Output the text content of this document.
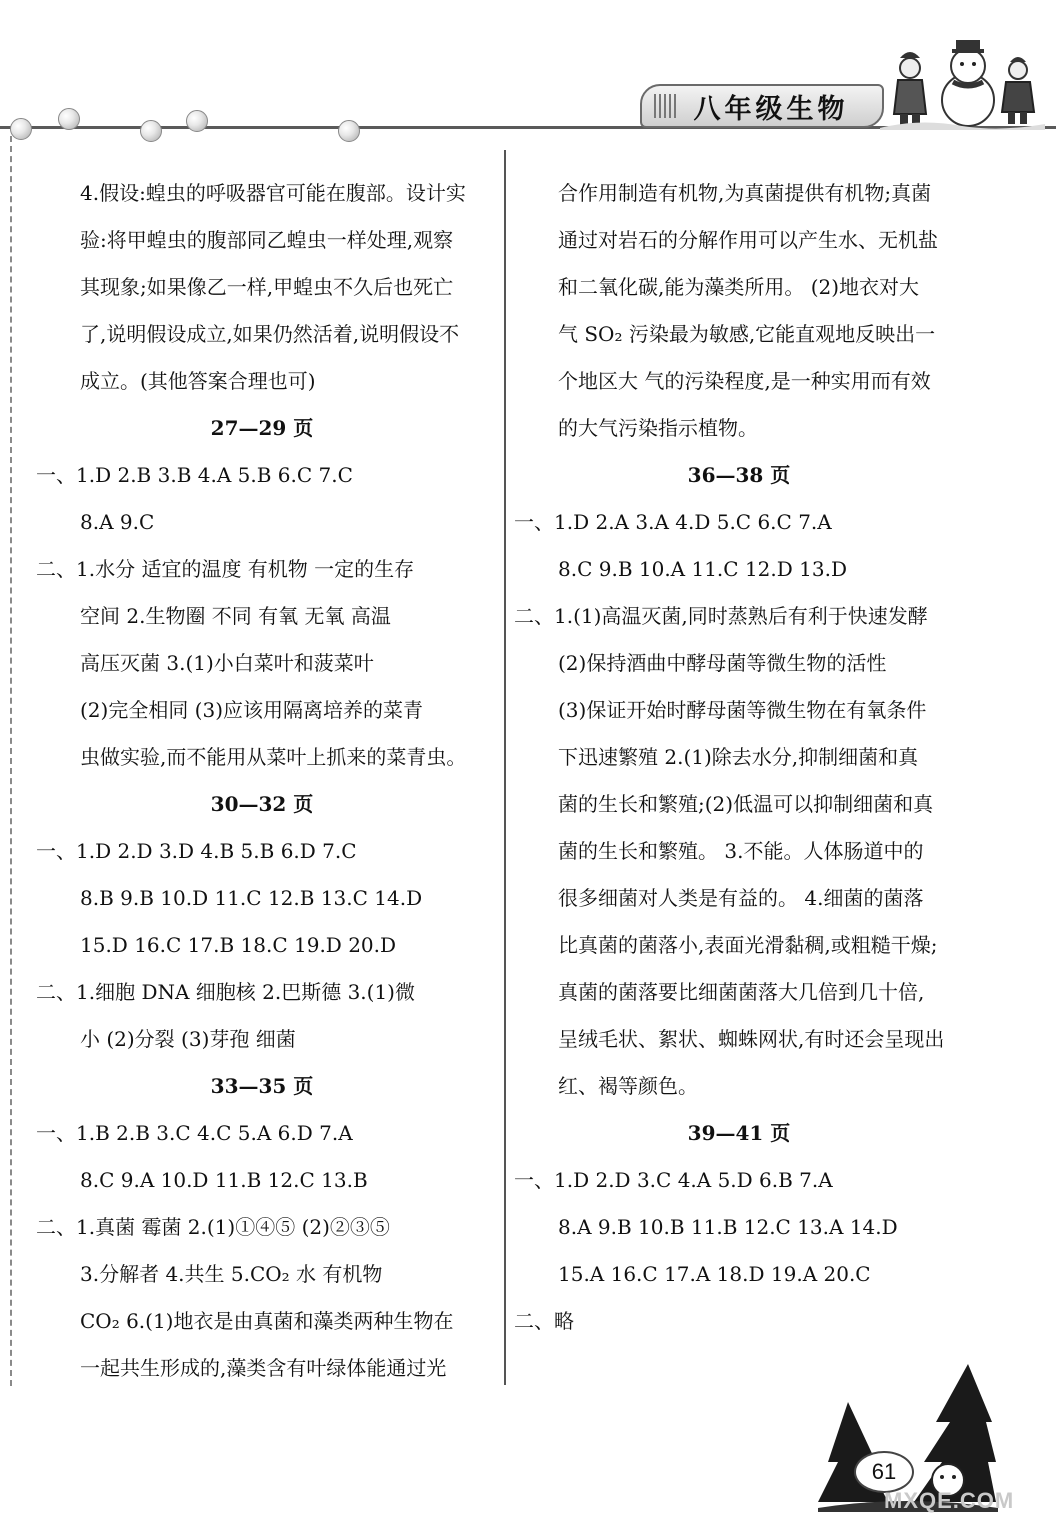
八年级生物
4.假设:蝗虫的呼吸器官可能在腹部。设计实
验:将甲蝗虫的腹部同乙蝗虫一样处理,观察
其现象;如果像乙一样,甲蝗虫不久后也死亡
了,说明假设成立,如果仍然活着,说明假设不
成立。(其他答案合理也可)
27—29 页
一、1.D 2.B 3.B 4.A 5.B 6.C 7.C
8.A 9.C
二、1.水分 适宜的温度 有机物 一定的生存
空间 2.生物圈 不同 有氧 无氧 高温
高压灭菌 3.(1)小白菜叶和菠菜叶
(2)完全相同 (3)应该用隔离培养的菜青
虫做实验,而不能用从菜叶上抓来的菜青虫。
30—32 页
一、1.D 2.D 3.D 4.B 5.B 6.D 7.C
8.B 9.B 10.D 11.C 12.B 13.C 14.D
15.D 16.C 17.B 18.C 19.D 20.D
二、1.细胞 DNA 细胞核 2.巴斯德 3.(1)微
小 (2)分裂 (3)芽孢 细菌
33—35 页
一、1.B 2.B 3.C 4.C 5.A 6.D 7.A
8.C 9.A 10.D 11.B 12.C 13.B
二、1.真菌 霉菌 2.(1)①④⑤ (2)②③⑤
3.分解者 4.共生 5.CO₂ 水 有机物
CO₂ 6.(1)地衣是由真菌和藻类两种生物在
一起共生形成的,藻类含有叶绿体能通过光
合作用制造有机物,为真菌提供有机物;真菌
通过对岩石的分解作用可以产生水、无机盐
和二氧化碳,能为藻类所用。 (2)地衣对大
气 SO₂ 污染最为敏感,它能直观地反映出一
个地区大 气的污染程度,是一种实用而有效
的大气污染指示植物。
36—38 页
一、1.D 2.A 3.A 4.D 5.C 6.C 7.A
8.C 9.B 10.A 11.C 12.D 13.D
二、1.(1)高温灭菌,同时蒸熟后有利于快速发酵
(2)保持酒曲中酵母菌等微生物的活性
(3)保证开始时酵母菌等微生物在有氧条件
下迅速繁殖 2.(1)除去水分,抑制细菌和真
菌的生长和繁殖;(2)低温可以抑制细菌和真
菌的生长和繁殖。 3.不能。人体肠道中的
很多细菌对人类是有益的。 4.细菌的菌落
比真菌的菌落小,表面光滑黏稠,或粗糙干燥;
真菌的菌落要比细菌菌落大几倍到几十倍,
呈绒毛状、絮状、蜘蛛网状,有时还会呈现出
红、褐等颜色。
39—41 页
一、1.D 2.D 3.C 4.A 5.D 6.B 7.A
8.A 9.B 10.B 11.B 12.C 13.A 14.D
15.A 16.C 17.A 18.D 19.A 20.C
二、略
61
MXQE.COM
